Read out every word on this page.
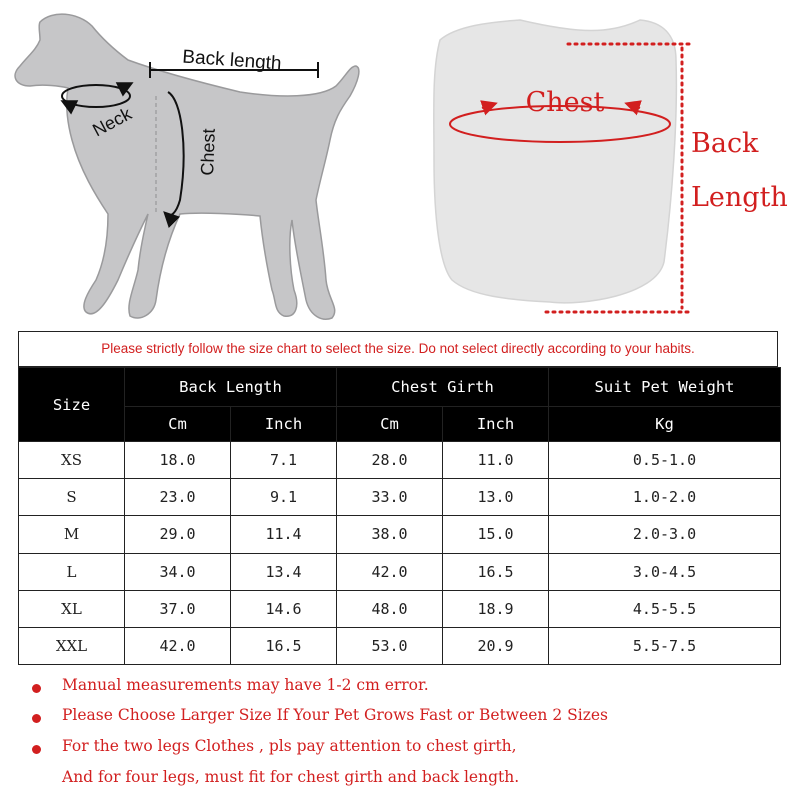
Back length
Neck
Chest
Chest
Back
Length
Please strictly follow the size chart to select the size. Do not select directly according to your habits.
Size	Back Length		Chest Girth		Suit Pet Weight
	Cm	Inch	Cm	Inch	Kg
XS	18.0	7.1	28.0	11.0	0.5-1.0
S	23.0	9.1	33.0	13.0	1.0-2.0
M	29.0	11.4	38.0	15.0	2.0-3.0
L	34.0	13.4	42.0	16.5	3.0-4.5
XL	37.0	14.6	48.0	18.9	4.5-5.5
XXL	42.0	16.5	53.0	20.9	5.5-7.5
Manual measurements may have 1-2 cm error.
Please Choose Larger Size If Your Pet Grows Fast or Between 2 Sizes
For the two legs Clothes , pls pay attention to chest girth,
And for four legs, must fit for chest girth and back length.
